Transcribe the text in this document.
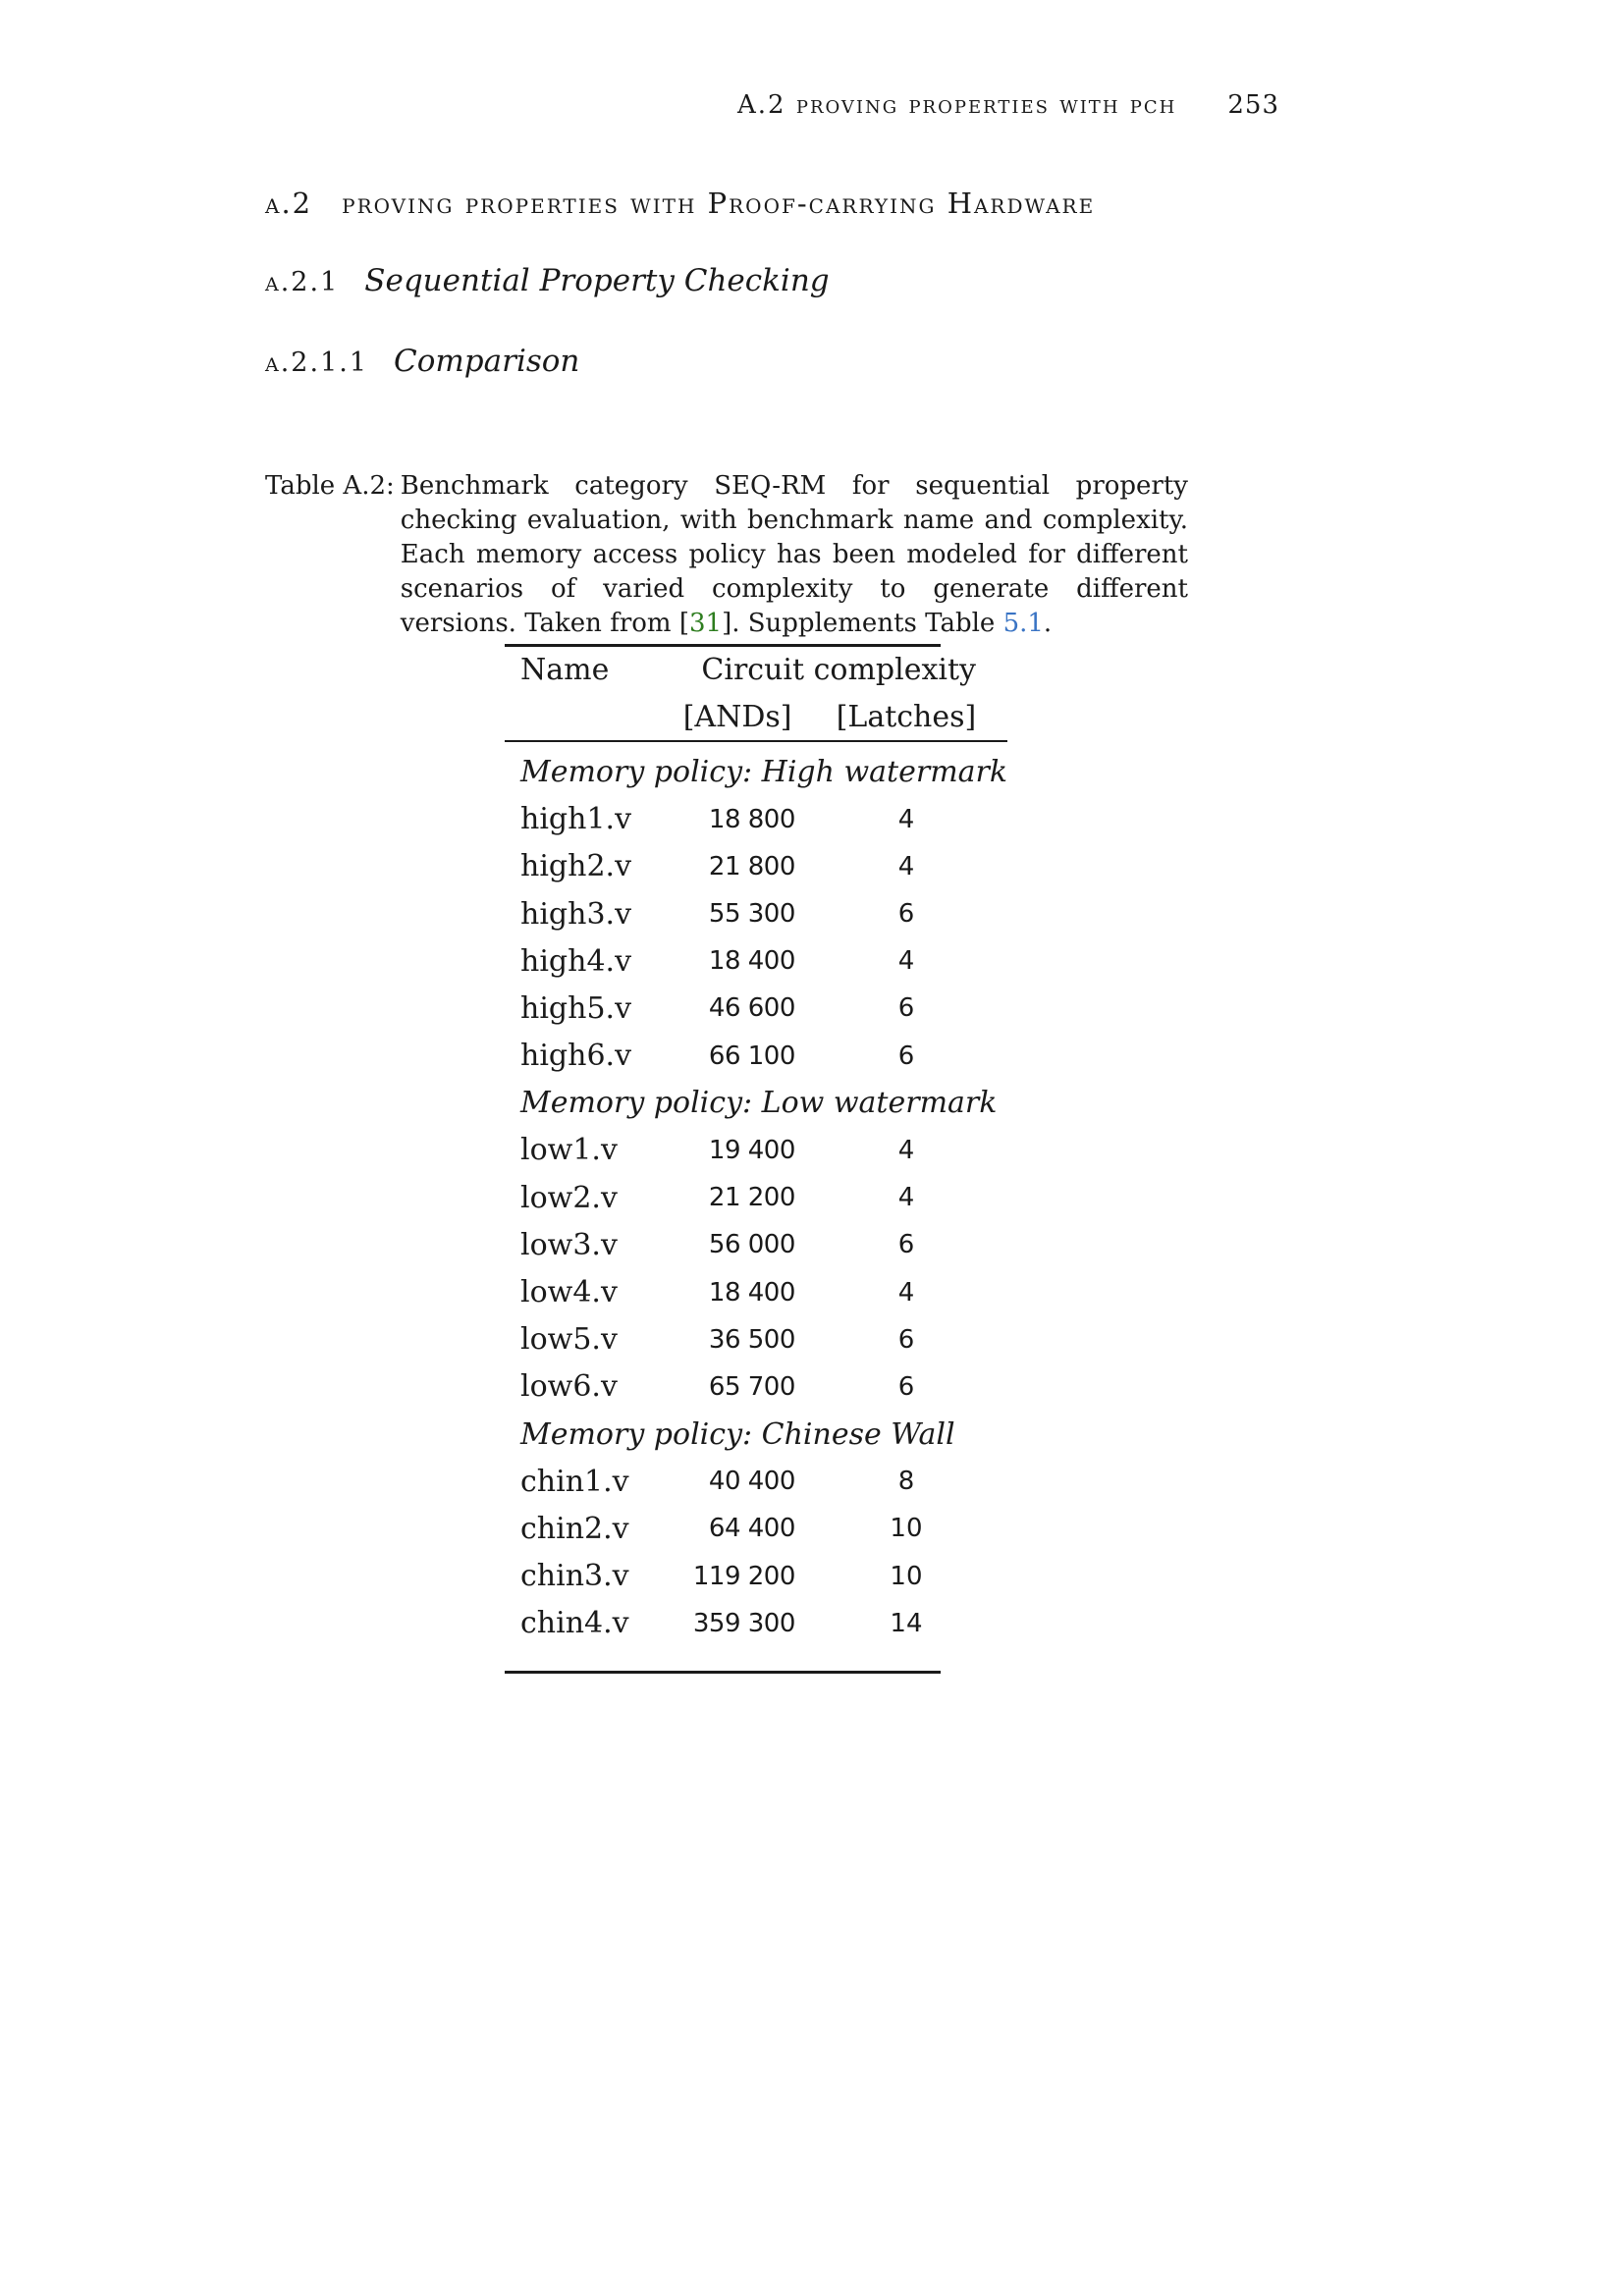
A.2 proving properties with pch 253
a.2 proving properties with Proof-carrying Hardware
a.2.1 Sequential Property Checking
a.2.1.1 Comparison
Table A.2: Benchmark category SEQ-RM for sequential property checking evaluation, with benchmark name and complexity. Each memory access policy has been modeled for different scenarios of varied complexity to generate different versions. Taken from [31]. Supplements Table 5.1.
Name	Circuit complexity	
	[ANDs]	[Latches]
Memory policy: High watermark		
high1.v	18 800	4
high2.v	21 800	4
high3.v	55 300	6
high4.v	18 400	4
high5.v	46 600	6
high6.v	66 100	6
Memory policy: Low watermark		
low1.v	19 400	4
low2.v	21 200	4
low3.v	56 000	6
low4.v	18 400	4
low5.v	36 500	6
low6.v	65 700	6
Memory policy: Chinese Wall		
chin1.v	40 400	8
chin2.v	64 400	10
chin3.v	119 200	10
chin4.v	359 300	14
